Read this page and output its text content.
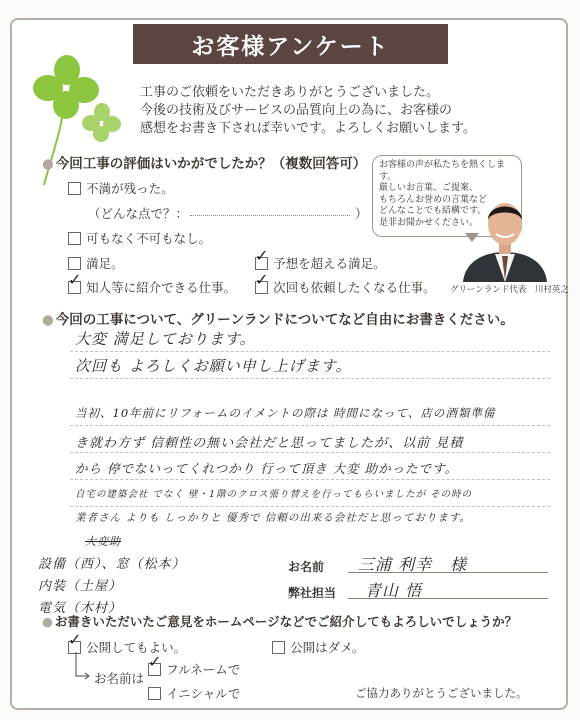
お客様アンケート
工事のご依頼をいただきありがとうございました。
今後の技術及びサービスの品質向上の為に、お客様の
感想をお書き下されば幸いです。よろしくお願いします。
● 今回工事の評価はいかがでしたか？（複数回答可）
不満が残った。
（どんな点で？：	）
可もなく不可もなし。
満足。	✓ 予想を超える満足。
✓ 知人等に紹介できる仕事。 ✓ 次回も依頼したくなる仕事。
お客様の声が私たちを熱くします。
厳しいお言葉、ご提案、
もちろんお誉めの言葉など
どんなことでも結構です。
是非お聞かせください。
グリーンランド代表　川村英之
● 今回の工事について、グリーンランドについてなど自由にお書きください。
大変 満足しております。
次回も よろしくお願い申し上げます。
当初、10年前にリフォームのイメントの際は 時間になって、店の酒類準備
き就わ方ず 信頼性の無い会社だと思ってましたが、以前 見積
から 停でないってくれつかり 行って頂き 大変 助かったです。
自宅の建築会社 でなく 壁・1階のクロス張り替えを行ってもらいましたが その時の
業者さん よりも しっかりと 優秀で 信頼の出来る会社だと思っております。
大変助
設備（西）、窓（松本）
内装（土屋）
電気（木村）
お名前 三浦 利幸 様
弊社担当 青山 悟
● お書きいただいたご意見をホームページなどでご紹介してもよろしいでしょうか？
✓ 公開してもよい。	公開はダメ。
お名前は
✓ フルネームで
イニシャルで	ご協力ありがとうございました。
